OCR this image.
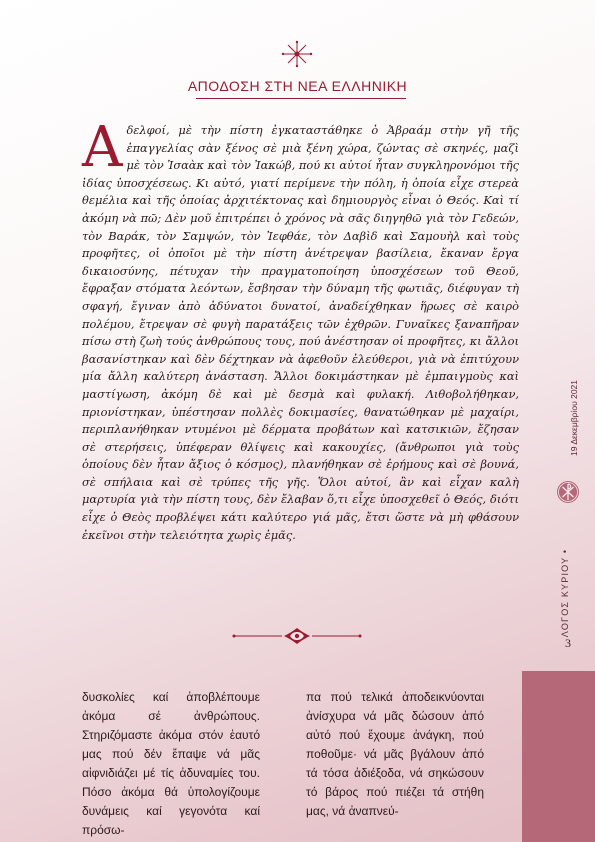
ΑΠΟΔΟΣΗ ΣΤΗ ΝΕΑ ΕΛΛΗΝΙΚΗ
Αδελφοί, μὲ τὴν πίστη ἐγκαταστάθηκε ὁ Ἀβραάμ στὴν γῆ τῆς ἐπαγγελίας σὰν ξένος σὲ μιὰ ξένη χώρα, ζώντας σὲ σκηνές, μαζὶ μὲ τὸν Ἰσαὰκ καὶ τὸν Ἰακώβ, πού κι αὐτοί ἦταν συγκληρονόμοι τῆς ἰδίας ὑποσχέσεως. Κι αὐτό, γιατί περίμενε τὴν πόλη, ἡ ὁποία εἶχε στερεὰ θεμέλια καὶ τῆς ὁποίας ἀρχιτέκτονας καὶ δημιουργὸς εἶναι ὁ Θεός. Καὶ τί ἀκόμη νὰ πῶ; Δὲν μοῦ ἐπιτρέπει ὁ χρόνος νὰ σᾶς διηγηθῶ γιὰ τὸν Γεδεών, τὸν Βαράκ, τὸν Σαμψών, τὸν Ἰεφθάε, τὸν Δαβὶδ καὶ Σαμουὴλ καὶ τοὺς προφῆτες, οἱ ὁποῖοι μὲ τὴν πίστη ἀνέτρεψαν βασίλεια, ἔκαναν ἔργα δικαιοσύνης, πέτυχαν τὴν πραγματοποίηση ὑποσχέσεων τοῦ Θεοῦ, ἔφραξαν στόματα λεόντων, ἔσβησαν τὴν δύναμη τῆς φωτιᾶς, διέφυγαν τὴ σφαγή, ἔγιναν ἀπὸ ἀδύνατοι δυνατοί, ἀναδείχθηκαν ἥρωες σὲ καιρὸ πολέμου, ἔτρεψαν σὲ φυγὴ παρατάξεις τῶν ἐχθρῶν. Γυναῖκες ξαναπῆραν πίσω στὴ ζωὴ τούς ἀνθρώπους τους, πού ἀνέστησαν οἱ προφῆτες, κι ἄλλοι βασανίστηκαν καὶ δὲν δέχτηκαν νὰ ἀφεθοῦν ἐλεύθεροι, γιὰ νὰ ἐπιτύχουν μία ἄλλη καλύτερη ἀνάσταση. Ἄλλοι δοκιμάστηκαν μὲ ἐμπαιγμοὺς καὶ μαστίγωση, ἀκόμη δὲ καὶ μὲ δεσμὰ καὶ φυλακή. Λιθοβολήθηκαν, πριονίστηκαν, ὑπέστησαν πολλὲς δοκιμασίες, θανατώθηκαν μὲ μαχαίρι, περιπλανήθηκαν ντυμένοι μὲ δέρματα προβάτων καὶ κατσικιῶν, ἔζησαν σὲ στερήσεις, ὑπέφεραν θλίψεις καὶ κακουχίες, (ἄνθρωποι γιὰ τοὺς ὁποίους δὲν ἦταν ἄξιος ὁ κόσμος), πλανήθηκαν σὲ ἐρήμους καὶ σὲ βουνά, σὲ σπήλαια καὶ σὲ τρύπες τῆς γῆς. Ὅλοι αὐτοί, ἂν καὶ εἶχαν καλὴ μαρτυρία γιὰ τὴν πίστη τους, δὲν ἔλαβαν ὅ,τι εἶχε ὑποσχεθεῖ ὁ Θεός, διότι εἶχε ὁ Θεὸς προβλέψει κάτι καλύτερο γιά μᾶς, ἔτσι ὥστε νὰ μὴ φθάσουν ἐκεῖνοι στὴν τελειότητα χωρὶς ἐμᾶς.
δυσκολίες καί ἀποβλέπουμε ἀκόμα σέ ἀνθρώπους. Στηριζόμαστε ἀκόμα στόν ἑαυτό μας πού δέν ἔπαψε νά μᾶς αἰφνιδιάζει μέ τίς ἀδυναμίες του. Πόσο ἀκόμα θά ὑπολογίζουμε δυνάμεις καί γεγονότα καί πρόσω-
πα πού τελικά ἀποδεικνύονται ἀνίσχυρα νά μᾶς δώσουν ἀπό αὐτό πού ἔχουμε ἀνάγκη, πού ποθοῦμε· νά μᾶς βγάλουν ἀπό τά τόσα ἀδιέξοδα, νά σηκώσουν τό βάρος πού πιέζει τά στήθη μας, νά ἀναπνεύ-
19 Δεκεμβρίου 2021
ΛΟΓΟΣ ΚΥΡΙΟΥ •
3
